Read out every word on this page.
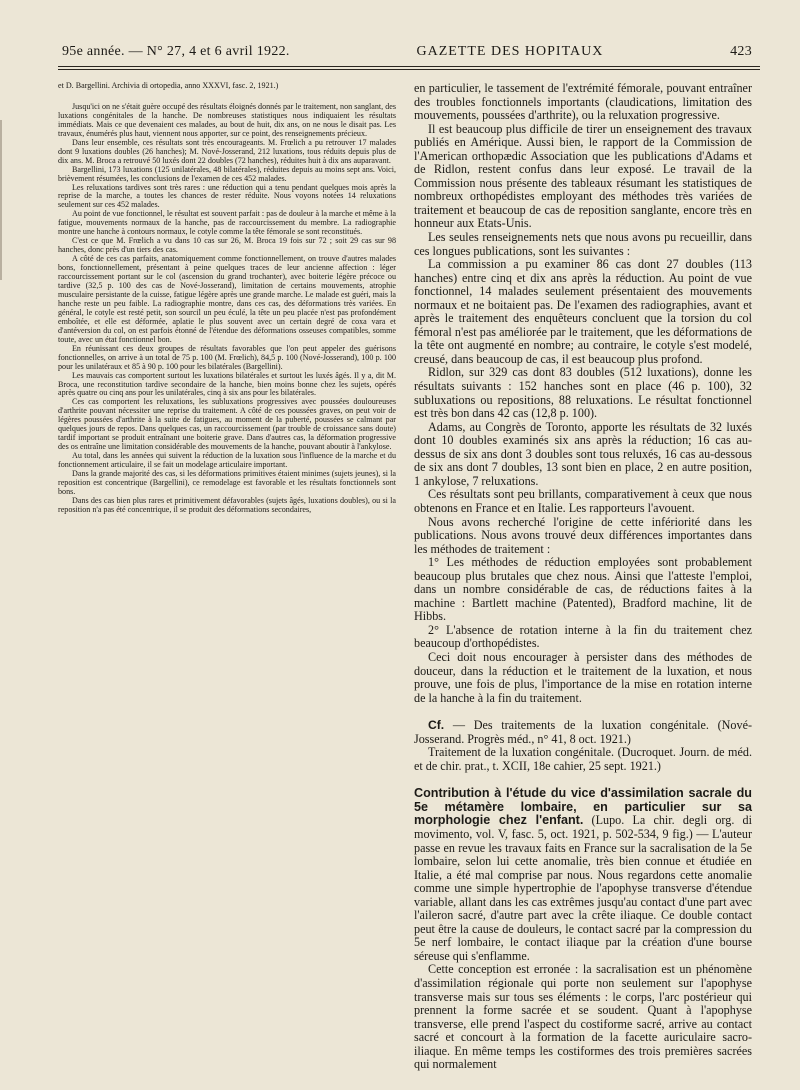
95e année. — N° 27, 4 et 6 avril 1922.	GAZETTE DES HOPITAUX	423

et D. Bargellini. Archivia di ortopedia, anno XXXVI, fasc. 2, 1921.)

Jusqu'ici on ne s'était guère occupé des résultats éloignés donnés par le traitement, non sanglant, des luxations congénitales de la hanche. De nombreuses statistiques nous indiquaient les résultats immédiats. Mais ce que devenaient ces malades, au bout de huit, dix ans, on ne nous le disait pas. Les travaux, énumérés plus haut, viennent nous apporter, sur ce point, des renseignements précieux.

Dans leur ensemble, ces résultats sont très encourageants. M. Frœlich a pu retrouver 17 malades dont 9 luxations doubles (26 hanches); M. Nové-Josserand, 212 luxations, tous réduits depuis plus de dix ans. M. Broca a retrouvé 50 luxés dont 22 doubles (72 hanches), réduites huit à dix ans auparavant.

Bargellini, 173 luxations (125 unilatérales, 48 bilatérales), réduites depuis au moins sept ans. Voici, brièvement résumées, les conclusions de l'examen de ces 452 malades.

Les reluxations tardives sont très rares : une réduction qui a tenu pendant quelques mois après la reprise de la marche, a toutes les chances de rester réduite. Nous voyons notées 14 reluxations seulement sur ces 452 malades.

Au point de vue fonctionnel, le résultat est souvent parfait : pas de douleur à la marche et même à la fatigue, mouvements normaux de la hanche, pas de raccourcissement du membre. La radiographie montre une hanche à contours normaux, le cotyle comme la tête fémorale se sont reconstitués.

C'est ce que M. Frœlich a vu dans 10 cas sur 26, M. Broca 19 fois sur 72 ; soit 29 cas sur 98 hanches, donc près d'un tiers des cas.

A côté de ces cas parfaits, anatomiquement comme fonctionnellement, on trouve d'autres malades bons, fonctionnellement, présentant à peine quelques traces de leur ancienne affection : léger raccourcissement portant sur le col (ascension du grand trochanter), avec boiterie légère précoce ou tardive (32,5 p. 100 des cas de Nové-Josserand), limitation de certains mouvements, atrophie musculaire persistante de la cuisse, fatigue légère après une grande marche. Le malade est guéri, mais la hanche reste un peu faible. La radiographie montre, dans ces cas, des déformations très variées. En général, le cotyle est resté petit, son sourcil un peu éculé, la tête un peu placée n'est pas profondément emboîtée, et elle est déformée, aplatie le plus souvent avec un certain degré de coxa vara et d'antéversion du col, on est parfois étonné de l'étendue des déformations osseuses compatibles, somme toute, avec un état fonctionnel bon.

En réunissant ces deux groupes de résultats favorables que l'on peut appeler des guérisons fonctionnelles, on arrive à un total de 75 p. 100 (M. Frœlich), 84,5 p. 100 (Nové-Josserand), 100 p. 100 pour les unilatéraux et 85 à 90 p. 100 pour les bilatérales (Bargellini).

Les mauvais cas comportent surtout les luxations bilatérales et surtout les luxés âgés. Il y a, dit M. Broca, une reconstitution tardive secondaire de la hanche, bien moins bonne chez les sujets, opérés après quatre ou cinq ans pour les unilatérales, cinq à six ans pour les bilatérales.

Ces cas comportent les reluxations, les subluxations progressives avec poussées douloureuses d'arthrite pouvant nécessiter une reprise du traitement. A côté de ces poussées graves, on peut voir de légères poussées d'arthrite à la suite de fatigues, au moment de la puberté, poussées se calmant par quelques jours de repos. Dans quelques cas, un raccourcissement (par trouble de croissance sans doute) tardif important se produit entraînant une boiterie grave. Dans d'autres cas, la déformation progressive des os entraîne une limitation considérable des mouvements de la hanche, pouvant aboutir à l'ankylose.

Au total, dans les années qui suivent la réduction de la luxation sous l'influence de la marche et du fonctionnement articulaire, il se fait un modelage articulaire important.

Dans la grande majorité des cas, si les déformations primitives étaient minimes (sujets jeunes), si la reposition est concentrique (Bargellini), ce remodelage est favorable et les résultats fonctionnels sont bons.

Dans des cas bien plus rares et primitivement défavorables (sujets âgés, luxations doubles), ou si la reposition n'a pas été concentrique, il se produit des déformations secondaires,

en particulier, le tassement de l'extrémité fémorale, pouvant entraîner des troubles fonctionnels importants (claudications, limitation des mouvements, poussées d'arthrite), ou la reluxation progressive.

Il est beaucoup plus difficile de tirer un enseignement des travaux publiés en Amérique. Aussi bien, le rapport de la Commission de l'American orthopædic Association que les publications d'Adams et de Ridlon, restent confus dans leur exposé. Le travail de la Commission nous présente des tableaux résumant les statistiques de nombreux orthopédistes employant des méthodes très variées de traitement et beaucoup de cas de reposition sanglante, encore très en honneur aux Etats-Unis.

Les seules renseignements nets que nous avons pu recueillir, dans ces longues publications, sont les suivantes :

La commission a pu examiner 86 cas dont 27 doubles (113 hanches) entre cinq et dix ans après la réduction. Au point de vue fonctionnel, 14 malades seulement présentaient des mouvements normaux et ne boitaient pas. De l'examen des radiographies, avant et après le traitement des enquêteurs concluent que la torsion du col fémoral n'est pas améliorée par le traitement, que les déformations de la tête ont augmenté en nombre; au contraire, le cotyle s'est modelé, creusé, dans beaucoup de cas, il est beaucoup plus profond.

Ridlon, sur 329 cas dont 83 doubles (512 luxations), donne les résultats suivants : 152 hanches sont en place (46 p. 100), 32 subluxations ou repositions, 88 reluxations. Le résultat fonctionnel est très bon dans 42 cas (12,8 p. 100).

Adams, au Congrès de Toronto, apporte les résultats de 32 luxés dont 10 doubles examinés six ans après la réduction; 16 cas au-dessus de six ans dont 3 doubles sont tous reluxés, 16 cas au-dessous de six ans dont 7 doubles, 13 sont bien en place, 2 en autre position, 1 ankylose, 7 reluxations.

Ces résultats sont peu brillants, comparativement à ceux que nous obtenons en France et en Italie. Les rapporteurs l'avouent.

Nous avons recherché l'origine de cette infériorité dans les publications. Nous avons trouvé deux différences importantes dans les méthodes de traitement :

1° Les méthodes de réduction employées sont probablement beaucoup plus brutales que chez nous. Ainsi que l'atteste l'emploi, dans un nombre considérable de cas, de réductions faites à la machine : Bartlett machine (Patented), Bradford machine, lit de Hibbs.

2° L'absence de rotation interne à la fin du traitement chez beaucoup d'orthopédistes.

Ceci doit nous encourager à persister dans des méthodes de douceur, dans la réduction et le traitement de la luxation, et nous prouve, une fois de plus, l'importance de la mise en rotation interne de la hanche à la fin du traitement.

Cf. — Des traitements de la luxation congénitale. (Nové-Josserand. Progrès méd., n° 41, 8 oct. 1921.)

Traitement de la luxation congénitale. (Ducroquet. Journ. de méd. et de chir. prat., t. XCII, 18e cahier, 25 sept. 1921.)

Contribution à l'étude du vice d'assimilation sacrale du 5e métamère lombaire, en particulier sur sa morphologie chez l'enfant. (Lupo. La chir. degli org. di movimento, vol. V, fasc. 5, oct. 1921, p. 502-534, 9 fig.) — L'auteur passe en revue les travaux faits en France sur la sacralisation de la 5e lombaire, selon lui cette anomalie, très bien connue et étudiée en Italie, a été mal comprise par nous. Nous regardons cette anomalie comme une simple hypertrophie de l'apophyse transverse d'étendue variable, allant dans les cas extrêmes jusqu'au contact d'une part avec l'aileron sacré, d'autre part avec la crête iliaque. Ce double contact peut être la cause de douleurs, le contact sacré par la compression du 5e nerf lombaire, le contact iliaque par la création d'une bourse séreuse qui s'enflamme.

Cette conception est erronée : la sacralisation est un phénomène d'assimilation régionale qui porte non seulement sur l'apophyse transverse mais sur tous ses éléments : le corps, l'arc postérieur qui prennent la forme sacrée et se soudent. Quant à l'apophyse transverse, elle prend l'aspect du costiforme sacré, arrive au contact sacré et concourt à la formation de la facette auriculaire sacro-iliaque. En même temps les costiformes des trois premières sacrées qui normalement
